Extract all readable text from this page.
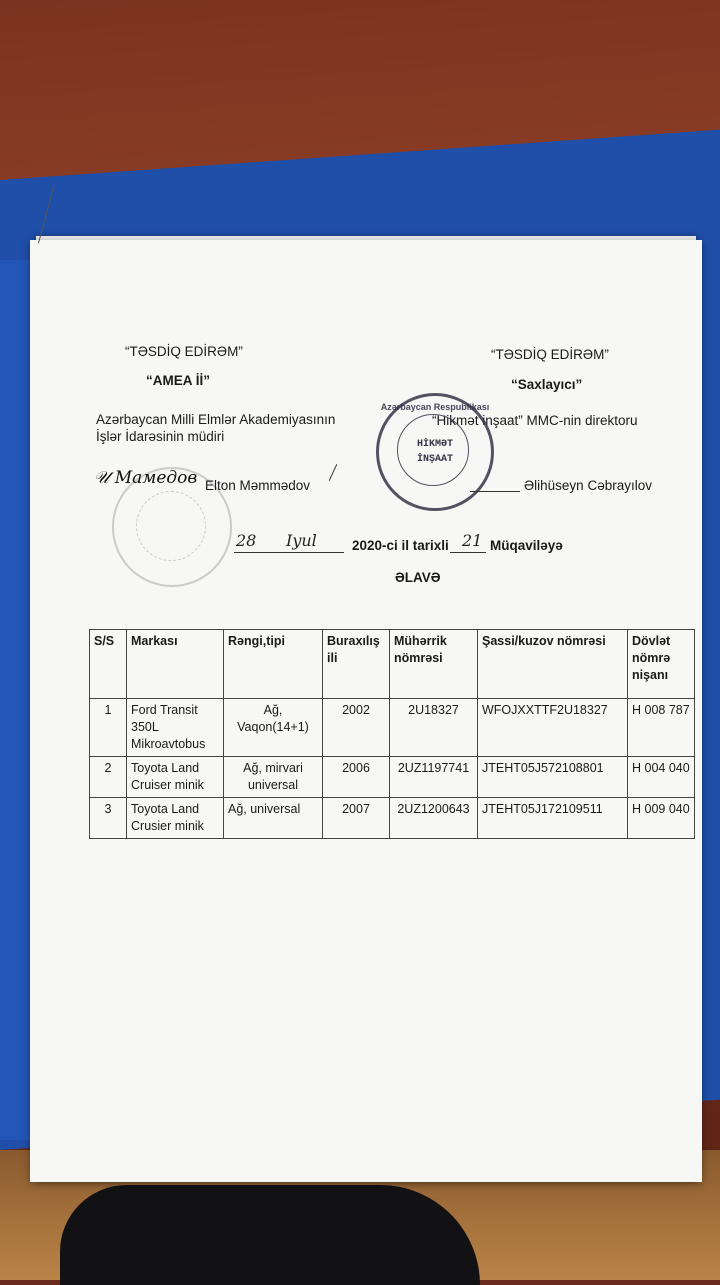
“TƏSDİQ EDİRƏM”
“AMEA İİ”
Azərbaycan Milli Elmlər Akademiyasının
İşlər İdarəsinin müdiri
𝒰 Мамедов Elton Məmmədov
“TƏSDİQ EDİRƏM”
“Saxlayıcı”
“Hikmət inşaat” MMC-nin direktoru
Azərbaycan Respublikası
HİKMƏT
İNŞAAT
Əlihüseyn Cəbrayılov
28 Iyul	2020-ci il tarixli 21 Müqaviləyə
ƏLAVƏ
S/S	Markası	Rəngi,tipi	Buraxılış ili	Mühərrik nömrəsi	Şassi/kuzov nömrəsi	Dövlət nömrə nişanı
1	Ford Transit 350L Mikroavtobus	Ağ, Vaqon(14+1)	2002	2U18327	WFOJXXTTF2U18327	H 008 787
2	Toyota Land Cruiser minik	Ağ, mirvari universal	2006	2UZ1197741	JTEHT05J572108801	H 004 040
3	Toyota Land Crusier minik	Ağ, universal	2007	2UZ1200643	JTEHT05J172109511	H 009 040
